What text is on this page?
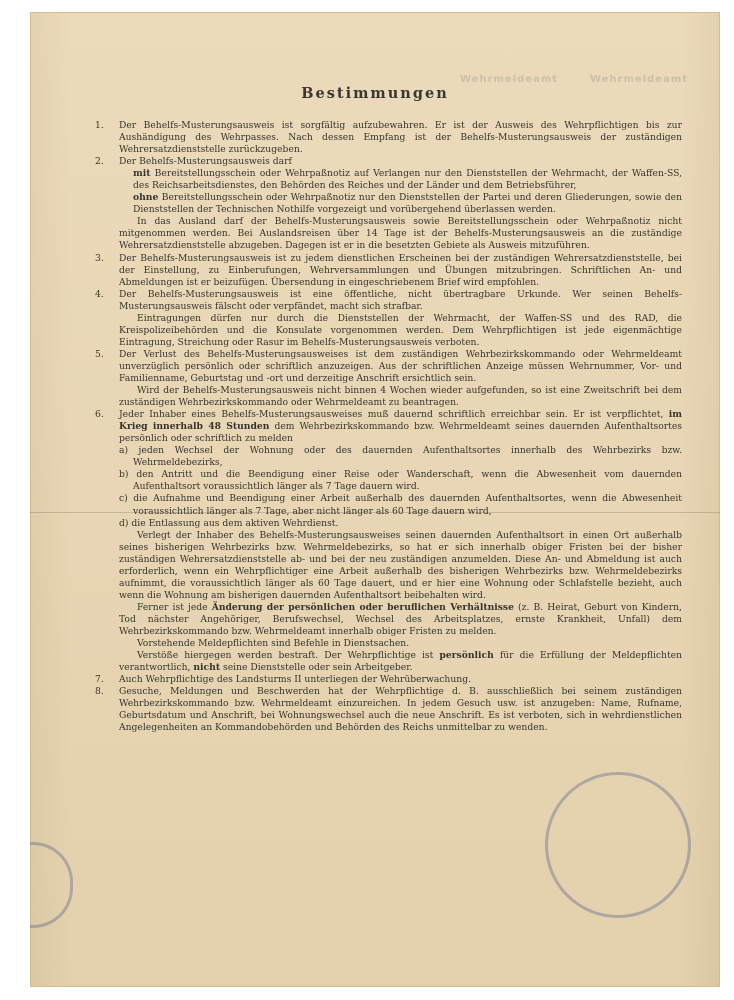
Wehrmeldeamt	Wehrmeldeamt
Bestimmungen

1. Der Behelfs-Musterungsausweis ist sorgfältig aufzubewahren. Er ist der Ausweis des Wehrpflichtigen bis zur Aushändigung des Wehrpasses. Nach dessen Empfang ist der Behelfs-Musterungsausweis der zuständigen Wehrersatzdienststelle zurückzugeben.

2. Der Behelfs-Musterungsausweis darf

mit Bereitstellungsschein oder Wehrpaßnotiz auf Verlangen nur den Dienststellen der Wehrmacht, der Waffen-SS, des Reichsarbeitsdienstes, den Behörden des Reiches und der Länder und dem Betriebsführer,

ohne Bereitstellungsschein oder Wehrpaßnotiz nur den Dienststellen der Partei und deren Gliederungen, sowie den Dienststellen der Technischen Nothilfe vorgezeigt und vorübergehend überlassen werden.

In das Ausland darf der Behelfs-Musterungsausweis sowie Bereitstellungsschein oder Wehrpaßnotiz nicht mitgenommen werden. Bei Auslandsreisen über 14 Tage ist der Behelfs-Musterungsausweis an die zuständige Wehrersatzdienststelle abzugeben. Dagegen ist er in die besetzten Gebiete als Ausweis mitzuführen.

3. Der Behelfs-Musterungsausweis ist zu jedem dienstlichen Erscheinen bei der zuständigen Wehrersatzdienststelle, bei der Einstellung, zu Einberufungen, Wehrversammlungen und Übungen mitzubringen. Schriftlichen An- und Abmeldungen ist er beizufügen. Übersendung in eingeschriebenem Brief wird empfohlen.

4. Der Behelfs-Musterungsausweis ist eine öffentliche, nicht übertragbare Urkunde. Wer seinen Behelfs-Musterungsausweis fälscht oder verpfändet, macht sich strafbar.

Eintragungen dürfen nur durch die Dienststellen der Wehrmacht, der Waffen-SS und des RAD, die Kreispolizeibehörden und die Konsulate vorgenommen werden. Dem Wehrpflichtigen ist jede eigenmächtige Eintragung, Streichung oder Rasur im Behelfs-Musterungsausweis verboten.

5. Der Verlust des Behelfs-Musterungsausweises ist dem zuständigen Wehrbezirkskommando oder Wehrmeldeamt unverzüglich persönlich oder schriftlich anzuzeigen. Aus der schriftlichen Anzeige müssen Wehrnummer, Vor- und Familienname, Geburtstag und -ort und derzeitige Anschrift ersichtlich sein.

Wird der Behelfs-Musterungsausweis nicht binnen 4 Wochen wieder aufgefunden, so ist eine Zweitschrift bei dem zuständigen Wehrbezirkskommando oder Wehrmeldeamt zu beantragen.

6. Jeder Inhaber eines Behelfs-Musterungsausweises muß dauernd schriftlich erreichbar sein. Er ist verpflichtet, im Krieg innerhalb 48 Stunden dem Wehrbezirkskommando bzw. Wehrmeldeamt seines dauernden Aufenthaltsortes persönlich oder schriftlich zu melden

a) jeden Wechsel der Wohnung oder des dauernden Aufenthaltsortes innerhalb des Wehrbezirks bzw. Wehrmeldebezirks,

b) den Antritt und die Beendigung einer Reise oder Wanderschaft, wenn die Abwesenheit vom dauernden Aufenthaltsort voraussichtlich länger als 7 Tage dauern wird.

c) die Aufnahme und Beendigung einer Arbeit außerhalb des dauernden Aufenthaltsortes, wenn die Abwesenheit voraussichtlich länger als 7 Tage, aber nicht länger als 60 Tage dauern wird,

d) die Entlassung aus dem aktiven Wehrdienst.

Verlegt der Inhaber des Behelfs-Musterungsausweises seinen dauernden Aufenthaltsort in einen Ort außerhalb seines bisherigen Wehrbezirks bzw. Wehrmeldebezirks, so hat er sich innerhalb obiger Fristen bei der bisher zuständigen Wehrersatzdienststelle ab- und bei der neu zuständigen anzumelden. Diese An- und Abmeldung ist auch erforderlich, wenn ein Wehrpflichtiger eine Arbeit außerhalb des bisherigen Wehrbezirks bzw. Wehrmeldebezirks aufnimmt, die voraussichtlich länger als 60 Tage dauert, und er hier eine Wohnung oder Schlafstelle bezieht, auch wenn die Wohnung am bisherigen dauernden Aufenthaltsort beibehalten wird.

Ferner ist jede Änderung der persönlichen oder beruflichen Verhältnisse (z. B. Heirat, Geburt von Kindern, Tod nächster Angehöriger, Berufswechsel, Wechsel des Arbeitsplatzes, ernste Krankheit, Unfall) dem Wehrbezirkskommando bzw. Wehrmeldeamt innerhalb obiger Fristen zu melden.

Vorstehende Meldepflichten sind Befehle in Dienstsachen.

Verstöße hiergegen werden bestraft. Der Wehrpflichtige ist persönlich für die Erfüllung der Meldepflichten verantwortlich, nicht seine Dienststelle oder sein Arbeitgeber.

7. Auch Wehrpflichtige des Landsturms II unterliegen der Wehrüberwachung.

8. Gesuche, Meldungen und Beschwerden hat der Wehrpflichtige d. B. ausschließlich bei seinem zuständigen Wehrbezirkskommando bzw. Wehrmeldeamt einzureichen. In jedem Gesuch usw. ist anzugeben: Name, Rufname, Geburtsdatum und Anschrift, bei Wohnungswechsel auch die neue Anschrift. Es ist verboten, sich in wehrdienstlichen Angelegenheiten an Kommandobehörden und Behörden des Reichs unmittelbar zu wenden.
